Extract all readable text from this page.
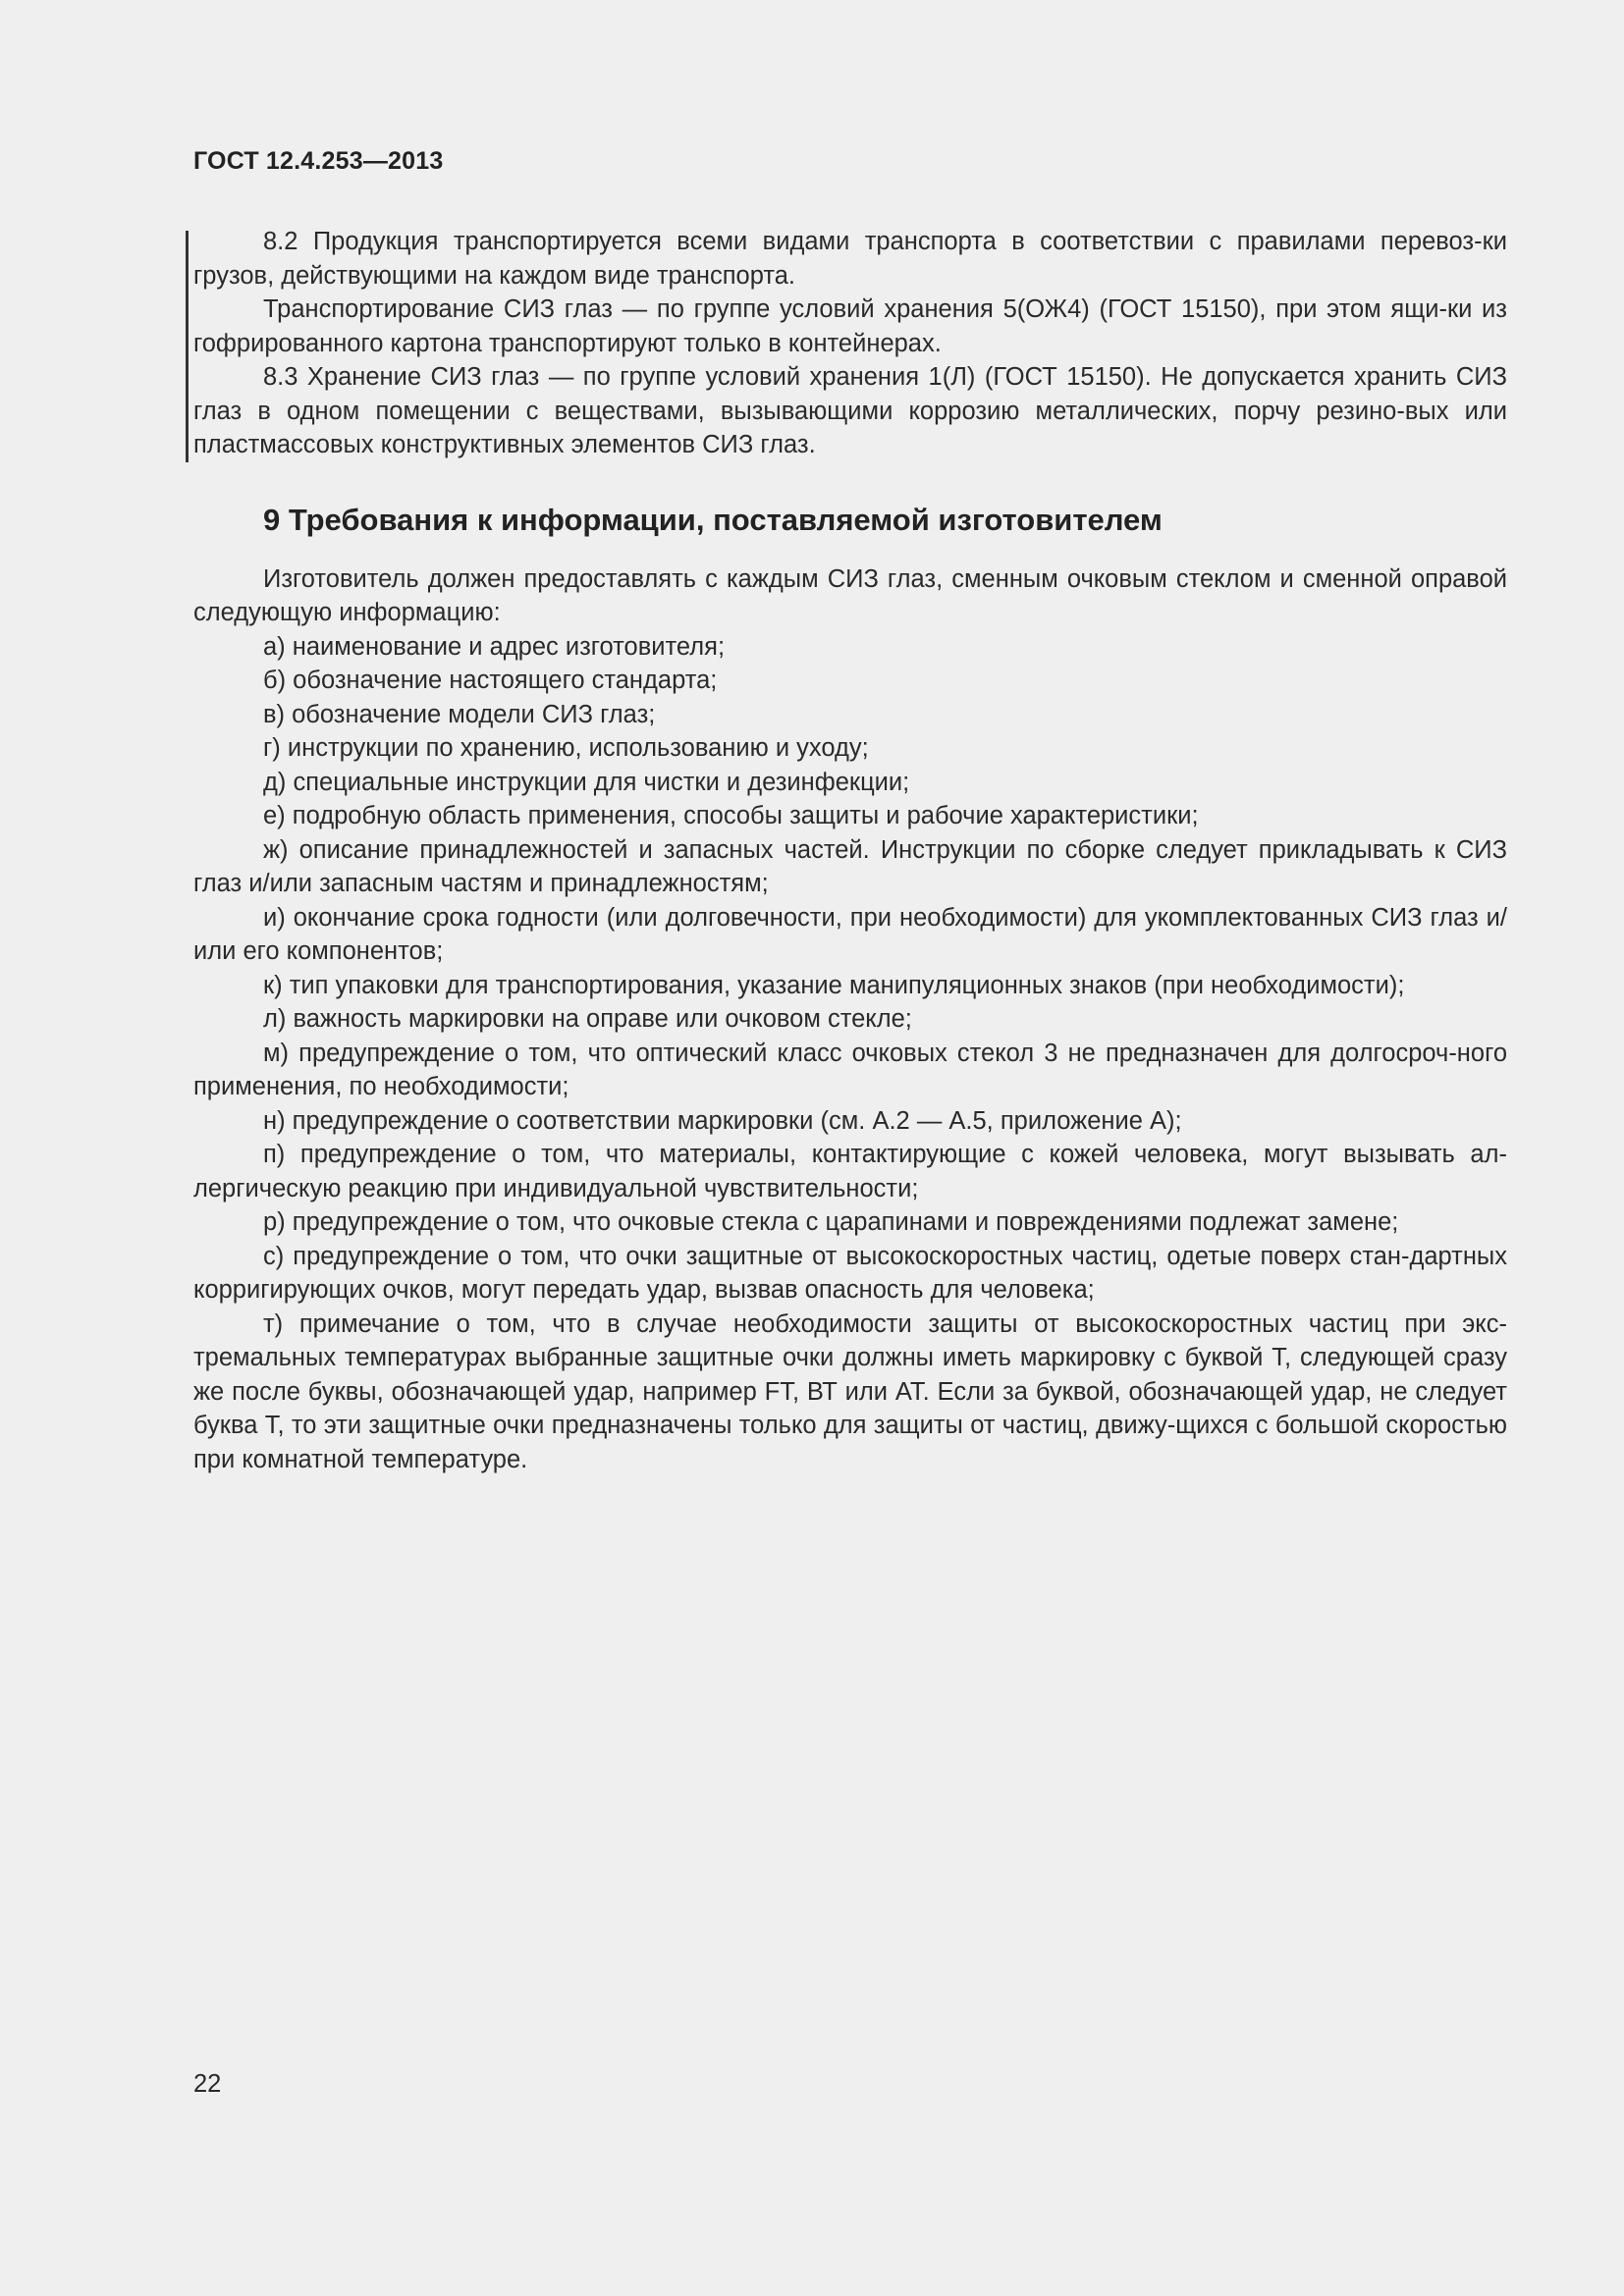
ГОСТ 12.4.253—2013

8.2 Продукция транспортируется всеми видами транспорта в соответствии с правилами перевоз-ки грузов, действующими на каждом виде транспорта.

Транспортирование СИЗ глаз — по группе условий хранения 5(ОЖ4) (ГОСТ 15150), при этом ящи-ки из гофрированного картона транспортируют только в контейнерах.

8.3 Хранение СИЗ глаз — по группе условий хранения 1(Л) (ГОСТ 15150). Не допускается хранить СИЗ глаз в одном помещении с веществами, вызывающими коррозию металлических, порчу резино-вых или пластмассовых конструктивных элементов СИЗ глаз.

9 Требования к информации, поставляемой изготовителем

Изготовитель должен предоставлять с каждым СИЗ глаз, сменным очковым стеклом и сменной оправой следующую информацию:

а) наименование и адрес изготовителя;

б) обозначение настоящего стандарта;

в) обозначение модели СИЗ глаз;

г) инструкции по хранению, использованию и уходу;

д) специальные инструкции для чистки и дезинфекции;

е) подробную область применения, способы защиты и рабочие характеристики;

ж) описание принадлежностей и запасных частей. Инструкции по сборке следует прикладывать к СИЗ глаз и/или запасным частям и принадлежностям;

и) окончание срока годности (или долговечности, при необходимости) для укомплектованных СИЗ глаз и/или его компонентов;

к) тип упаковки для транспортирования, указание манипуляционных знаков (при необходимости);

л) важность маркировки на оправе или очковом стекле;

м) предупреждение о том, что оптический класс очковых стекол 3 не предназначен для долгосроч-ного применения, по необходимости;

н) предупреждение о соответствии маркировки (см. А.2 — А.5, приложение А);

п) предупреждение о том, что материалы, контактирующие с кожей человека, могут вызывать ал-лергическую реакцию при индивидуальной чувствительности;

р) предупреждение о том, что очковые стекла с царапинами и повреждениями подлежат замене;

с) предупреждение о том, что очки защитные от высокоскоростных частиц, одетые поверх стан-дартных корригирующих очков, могут передать удар, вызвав опасность для человека;

т) примечание о том, что в случае необходимости защиты от высокоскоростных частиц при экс-тремальных температурах выбранные защитные очки должны иметь маркировку с буквой Т, следующей сразу же после буквы, обозначающей удар, например FT, ВТ или АТ. Если за буквой, обозначающей удар, не следует буква Т, то эти защитные очки предназначены только для защиты от частиц, движу-щихся с большой скоростью при комнатной температуре.

22
